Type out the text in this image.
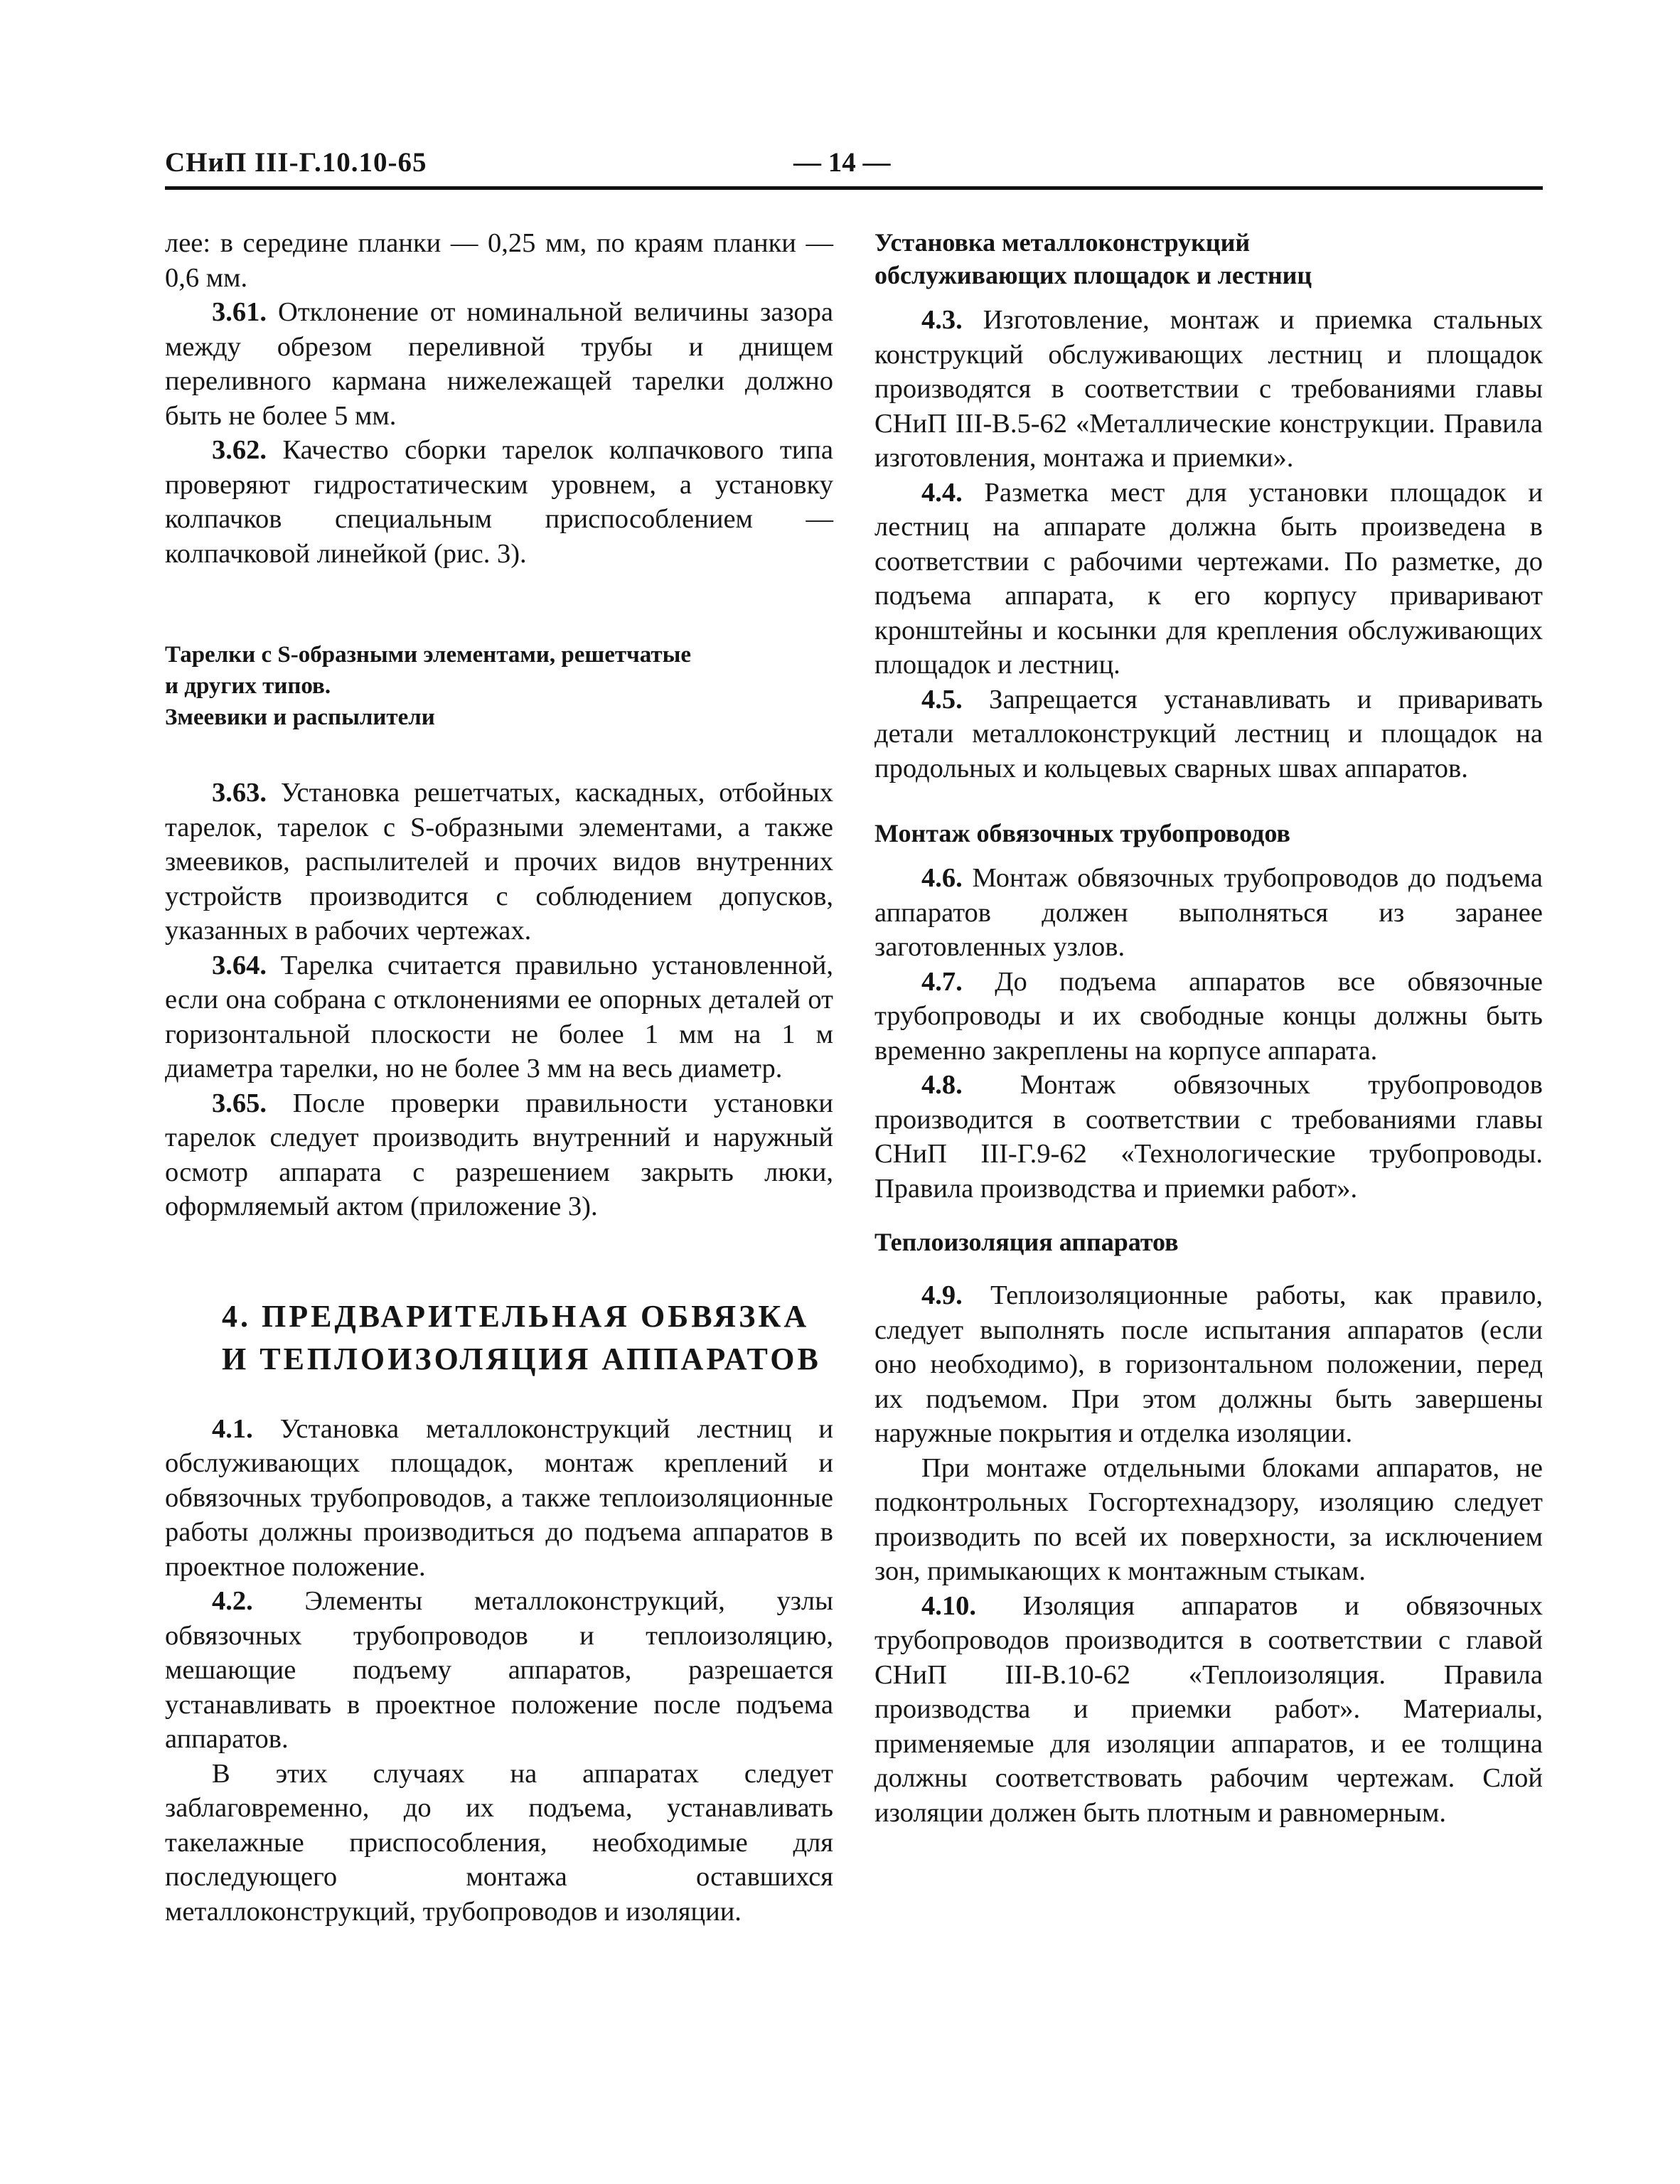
СНиП III-Г.10.10-65	— 14 —

лее: в середине планки — 0,25 мм, по краям планки — 0,6 мм.

3.61. Отклонение от номинальной величины зазора между обрезом переливной трубы и днищем переливного кармана нижележащей тарелки должно быть не более 5 мм.

3.62. Качество сборки тарелок колпачкового типа проверяют гидростатическим уровнем, а установку колпачков специальным приспособлением — колпачковой линейкой (рис. 3).

Тарелки с S-образными элементами, решетчатые

и других типов.

Змеевики и распылители

3.63. Установка решетчатых, каскадных, отбойных тарелок, тарелок с S-образными элементами, а также змеевиков, распылителей и прочих видов внутренних устройств производится с соблюдением допусков, указанных в рабочих чертежах.

3.64. Тарелка считается правильно установленной, если она собрана с отклонениями ее опорных деталей от горизонтальной плоскости не более 1 мм на 1 м диаметра тарелки, но не более 3 мм на весь диаметр.

3.65. После проверки правильности установки тарелок следует производить внутренний и наружный осмотр аппарата с разрешением закрыть люки, оформляемый актом (приложение 3).

4. ПРЕДВАРИТЕЛЬНАЯ ОБВЯЗКА

И ТЕПЛОИЗОЛЯЦИЯ АППАРАТОВ

4.1. Установка металлоконструкций лестниц и обслуживающих площадок, монтаж креплений и обвязочных трубопроводов, а также теплоизоляционные работы должны производиться до подъема аппаратов в проектное положение.

4.2. Элементы металлоконструкций, узлы обвязочных трубопроводов и теплоизоляцию, мешающие подъему аппаратов, разрешается устанавливать в проектное положение после подъема аппаратов.

В этих случаях на аппаратах следует заблаговременно, до их подъема, устанавливать такелажные приспособления, необходимые для последующего монтажа оставшихся металлоконструкций, трубопроводов и изоляции.

Установка металлоконструкций

обслуживающих площадок и лестниц

4.3. Изготовление, монтаж и приемка стальных конструкций обслуживающих лестниц и площадок производятся в соответствии с требованиями главы СНиП III-В.5-62 «Металлические конструкции. Правила изготовления, монтажа и приемки».

4.4. Разметка мест для установки площадок и лестниц на аппарате должна быть произведена в соответствии с рабочими чертежами. По разметке, до подъема аппарата, к его корпусу приваривают кронштейны и косынки для крепления обслуживающих площадок и лестниц.

4.5. Запрещается устанавливать и приваривать детали металлоконструкций лестниц и площадок на продольных и кольцевых сварных швах аппаратов.

Монтаж обвязочных трубопроводов

4.6. Монтаж обвязочных трубопроводов до подъема аппаратов должен выполняться из заранее заготовленных узлов.

4.7. До подъема аппаратов все обвязочные трубопроводы и их свободные концы должны быть временно закреплены на корпусе аппарата.

4.8. Монтаж обвязочных трубопроводов производится в соответствии с требованиями главы СНиП III-Г.9-62 «Технологические трубопроводы. Правила производства и приемки работ».

Теплоизоляция аппаратов

4.9. Теплоизоляционные работы, как правило, следует выполнять после испытания аппаратов (если оно необходимо), в горизонтальном положении, перед их подъемом. При этом должны быть завершены наружные покрытия и отделка изоляции.

При монтаже отдельными блоками аппаратов, не подконтрольных Госгортехнадзору, изоляцию следует производить по всей их поверхности, за исключением зон, примыкающих к монтажным стыкам.

4.10. Изоляция аппаратов и обвязочных трубопроводов производится в соответствии с главой СНиП III-В.10-62 «Теплоизоляция. Правила производства и приемки работ». Материалы, применяемые для изоляции аппаратов, и ее толщина должны соответствовать рабочим чертежам. Слой изоляции должен быть плотным и равномерным.
